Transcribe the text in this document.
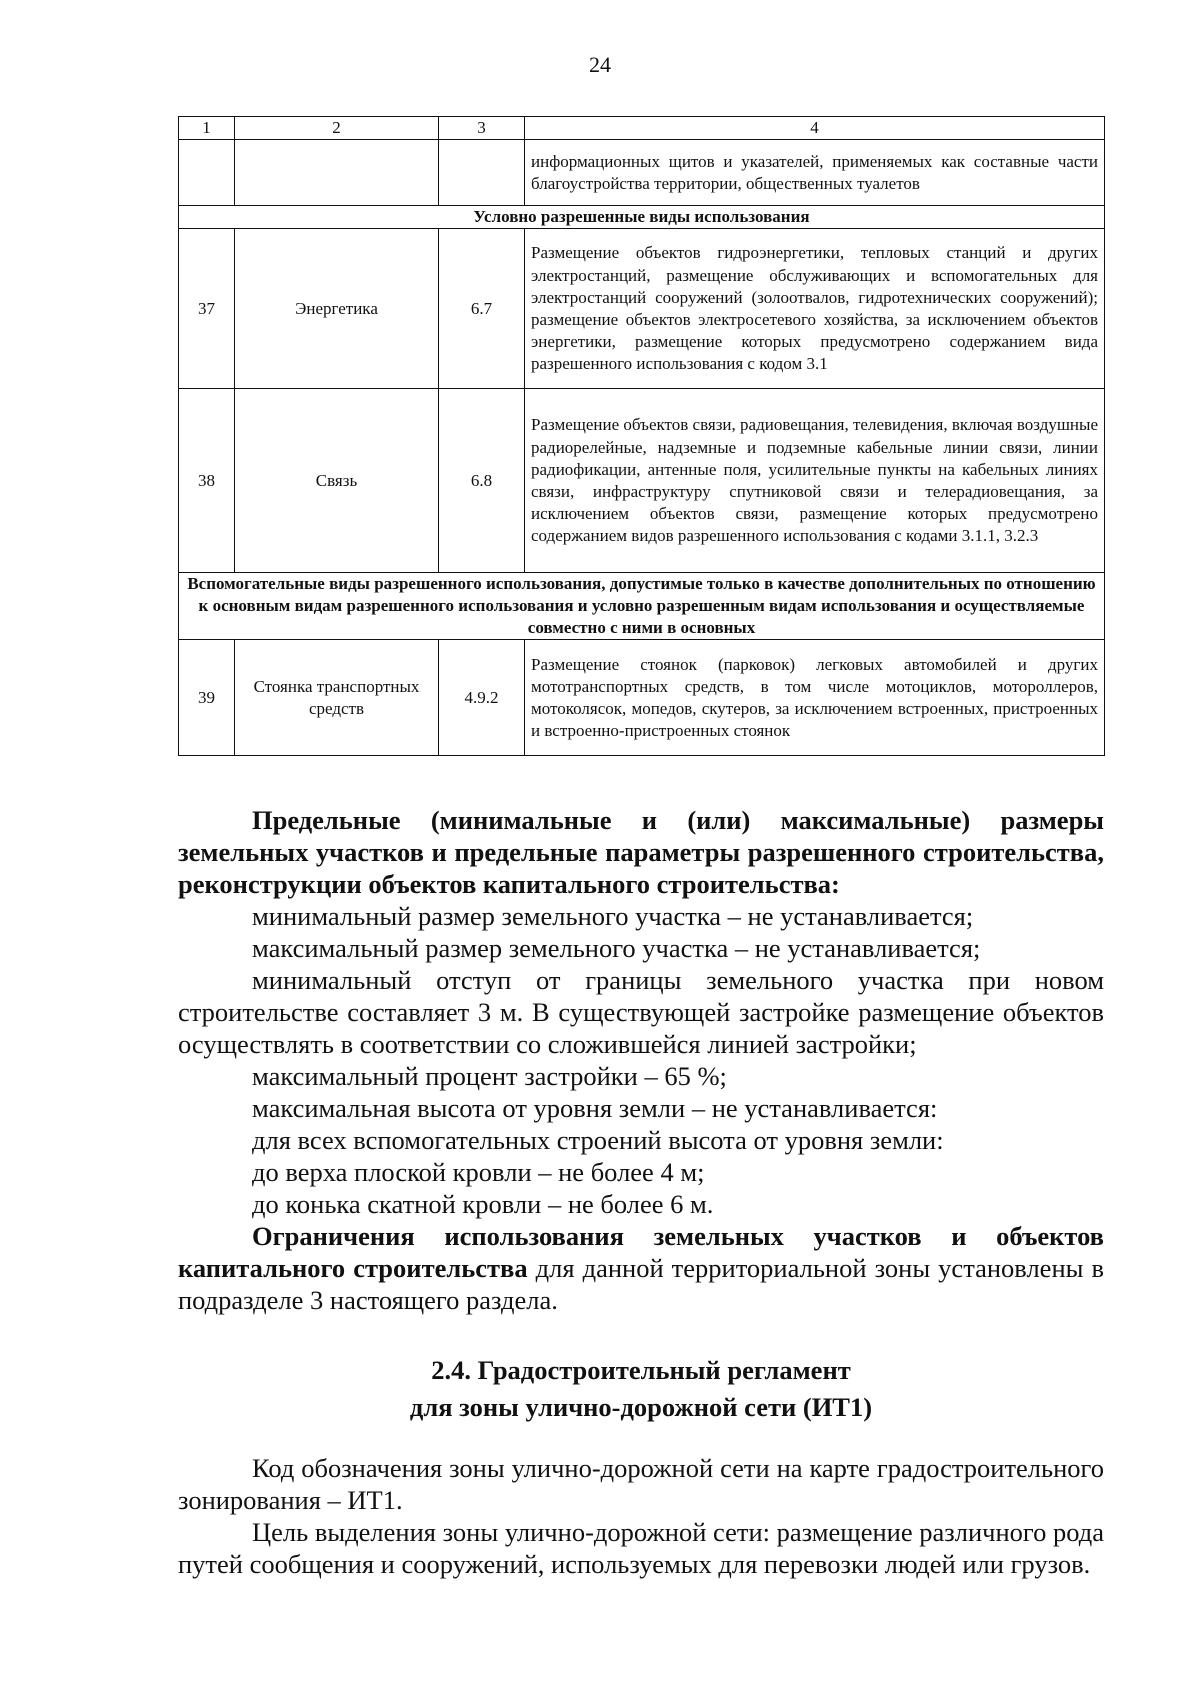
24
1	2	3	4
			информационных щитов и указателей, применяемых как составные части благоустройства территории, общественных туалетов
Условно разрешенные виды использования			
37	Энергетика	6.7	Размещение объектов гидроэнергетики, тепловых станций и других электростанций, размещение обслуживающих и вспомогательных для электростанций сооружений (золоотвалов, гидротехнических сооружений); размещение объектов электросетевого хозяйства, за исключением объектов энергетики, размещение которых предусмотрено содержанием вида разрешенного использования с кодом 3.1
38	Связь	6.8	Размещение объектов связи, радиовещания, телевидения, включая воздушные радиорелейные, надземные и подземные кабельные линии связи, линии радиофикации, антенные поля, усилительные пункты на кабельных линиях связи, инфраструктуру спутниковой связи и телерадиовещания, за исключением объектов связи, размещение которых предусмотрено содержанием видов разрешенного использования с кодами 3.1.1, 3.2.3
Вспомогательные виды разрешенного использования, допустимые только в качестве дополнительных по отношению к основным видам разрешенного использования и условно разрешенным видам использования и осуществляемые совместно с ними в основных			
39	Стоянка транспортных средств	4.9.2	Размещение стоянок (парковок) легковых автомобилей и других мототранспортных средств, в том числе мотоциклов, мотороллеров, мотоколясок, мопедов, скутеров, за исключением встроенных, пристроенных и встроенно-пристроенных стоянок

Предельные (минимальные и (или) максимальные) размеры земельных участков и предельные параметры разрешенного строительства, реконструкции объектов капитального строительства:

минимальный размер земельного участка – не устанавливается;

максимальный размер земельного участка – не устанавливается;

минимальный отступ от границы земельного участка при новом строительстве составляет 3 м. В существующей застройке размещение объектов осуществлять в соответствии со сложившейся линией застройки;

максимальный процент застройки – 65 %;

максимальная высота от уровня земли – не устанавливается:

для всех вспомогательных строений высота от уровня земли:

до верха плоской кровли – не более 4 м;

до конька скатной кровли – не более 6 м.

Ограничения использования земельных участков и объектов капитального строительства для данной территориальной зоны установлены в подразделе 3 настоящего раздела.

2.4. Градостроительный регламент
для зоны улично-дорожной сети (ИТ1)

Код обозначения зоны улично-дорожной сети на карте градостроительного зонирования – ИТ1.

Цель выделения зоны улично-дорожной сети: размещение различного рода путей сообщения и сооружений, используемых для перевозки людей или грузов.
